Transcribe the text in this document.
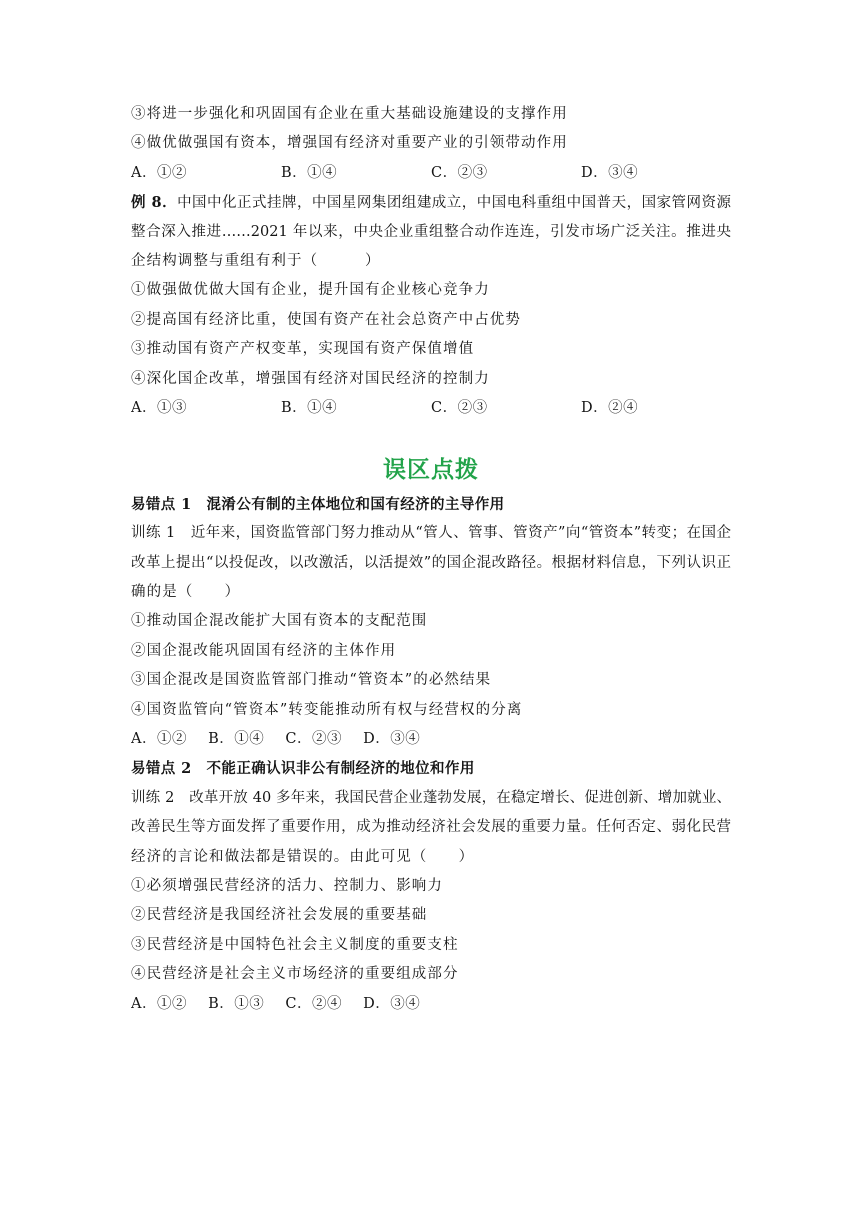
③将进一步强化和巩固国有企业在重大基础设施建设的支撑作用

④做优做强国有资本，增强国有经济对重要产业的引领带动作用

A．①②	B．①④	C．②③	D．③④

例 8．中国中化正式挂牌，中国星网集团组建成立，中国电科重组中国普天，国家管网资源

整合深入推进……2021 年以来，中央企业重组整合动作连连，引发市场广泛关注。推进央

企结构调整与重组有利于（　　　）

①做强做优做大国有企业，提升国有企业核心竞争力

②提高国有经济比重，使国有资产在社会总资产中占优势

③推动国有资产产权变革，实现国有资产保值增值

④深化国企改革，增强国有经济对国民经济的控制力

A．①③	B．①④	C．②③	D．②④
误区点拨

易错点 1　混淆公有制的主体地位和国有经济的主导作用

训练 1　近年来，国资监管部门努力推动从“管人、管事、管资产”向“管资本”转变；在国企

改革上提出“以投促改，以改激活，以活提效”的国企混改路径。根据材料信息，下列认识正

确的是（　　）

①推动国企混改能扩大国有资本的支配范围

②国企混改能巩固国有经济的主体作用

③国企混改是国资监管部门推动“管资本”的必然结果

④国资监管向“管资本”转变能推动所有权与经营权的分离

A．①② B．①④ C．②③ D．③④

易错点 2　不能正确认识非公有制经济的地位和作用

训练 2　改革开放 40 多年来，我国民营企业蓬勃发展，在稳定增长、促进创新、增加就业、

改善民生等方面发挥了重要作用，成为推动经济社会发展的重要力量。任何否定、弱化民营

经济的言论和做法都是错误的。由此可见（　　）

①必须增强民营经济的活力、控制力、影响力

②民营经济是我国经济社会发展的重要基础

③民营经济是中国特色社会主义制度的重要支柱

④民营经济是社会主义市场经济的重要组成部分

A．①② B．①③ C．②④ D．③④
